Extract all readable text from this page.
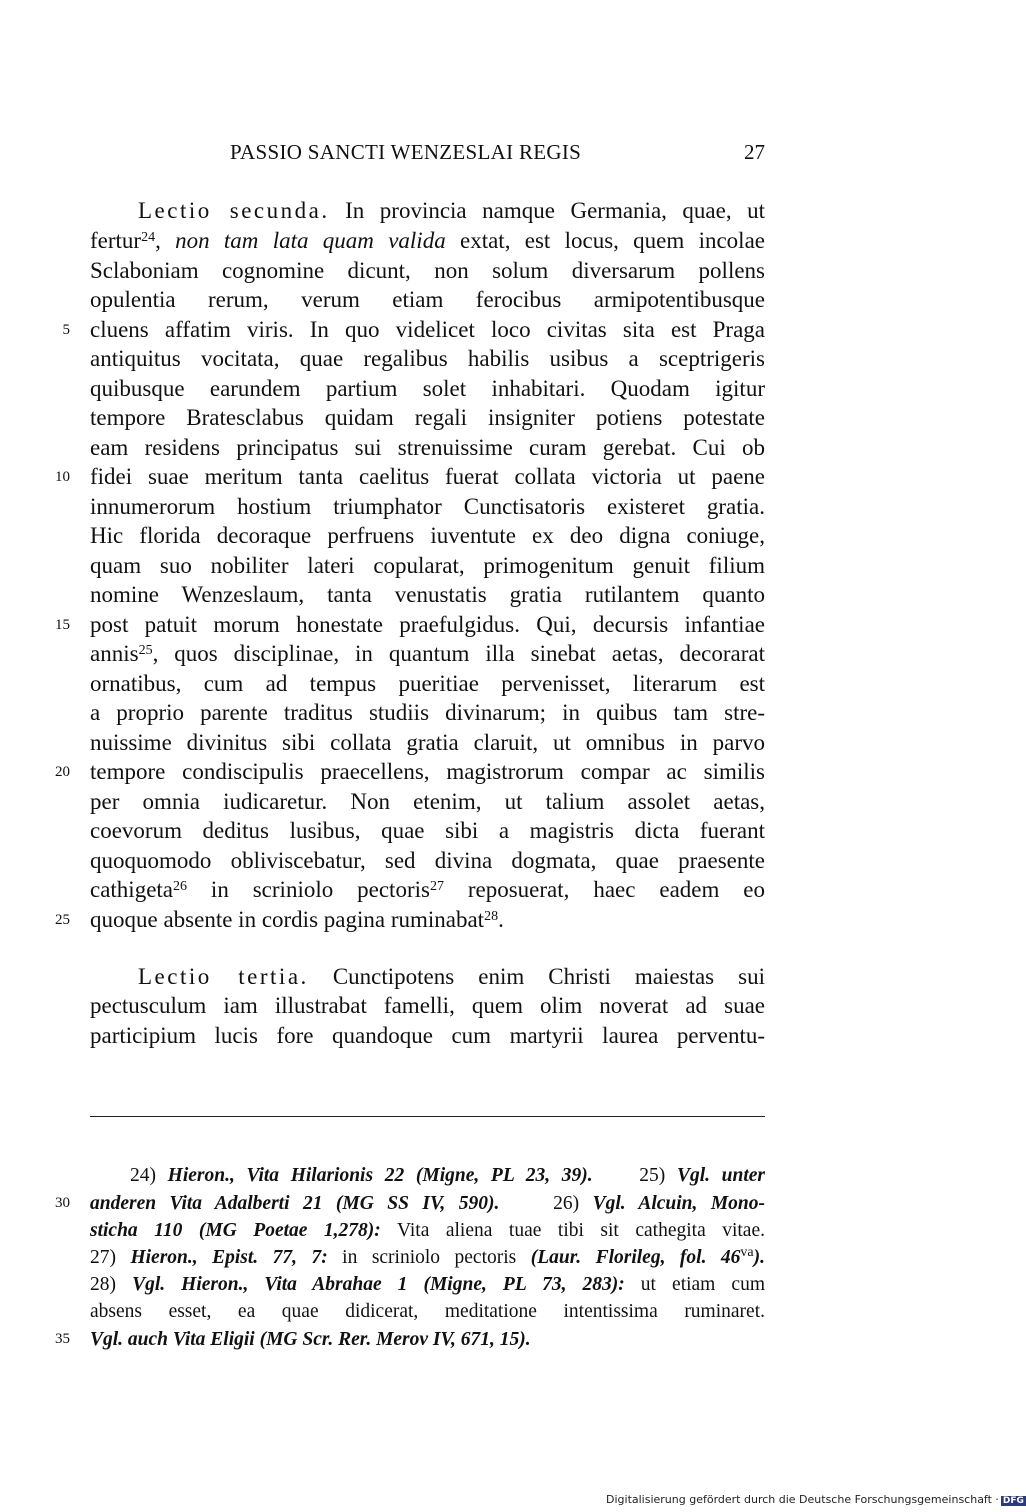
PASSIO SANCTI WENZESLAI REGIS	27
Lectio secunda. In provincia namque Germania, quae, ut
fertur$^{24}$, non tam lata quam valida extat, est locus, quem incolae
Sclaboniam cognomine dicunt, non solum diversarum pollens
opulentia rerum, verum etiam ferocibus armipotentibusque
5 cluens affatim viris. In quo videlicet loco civitas sita est Praga
antiquitus vocitata, quae regalibus habilis usibus a sceptrigeris
quibusque earundem partium solet inhabitari. Quodam igitur
tempore Bratesclabus quidam regali insigniter potiens potestate
eam residens principatus sui strenuissime curam gerebat. Cui ob
10 fidei suae meritum tanta caelitus fuerat collata victoria ut paene
innumerorum hostium triumphator Cunctisatoris existeret gratia.
Hic florida decoraque perfruens iuventute ex deo digna coniuge,
quam suo nobiliter lateri copularat, primogenitum genuit filium
nomine Wenzeslaum, tanta venustatis gratia rutilantem quanto
15 post patuit morum honestate praefulgidus. Qui, decursis infantiae
annis$^{25}$, quos disciplinae, in quantum illa sinebat aetas, decorarat
ornatibus, cum ad tempus pueritiae pervenisset, literarum est
a proprio parente traditus studiis divinarum; in quibus tam stre-
nuissime divinitus sibi collata gratia claruit, ut omnibus in parvo
20 tempore condiscipulis praecellens, magistrorum compar ac similis
per omnia iudicaretur. Non etenim, ut talium assolet aetas,
coevorum deditus lusibus, quae sibi a magistris dicta fuerant
quoquomodo obliviscebatur, sed divina dogmata, quae praesente
cathigeta$^{26}$ in scriniolo pectoris$^{27}$ reposuerat, haec eadem eo
25 quoque absente in cordis pagina ruminabat$^{28}$.
Lectio tertia. Cunctipotens enim Christi maiestas sui
pectusculum iam illustrabat famelli, quem olim noverat ad suae
participium lucis fore quandoque cum martyrii laurea perventu-
24) Hieron., Vita Hilarionis 22 (Migne, PL 23, 39). 25) Vgl. unter
30 anderen Vita Adalberti 21 (MG SS IV, 590).	26) Vgl. Alcuin, Mono-
sticha 110 (MG Poetae 1,278): Vita aliena tuae tibi sit cathegita vitae.
27) Hieron., Epist. 77, 7: in scriniolo pectoris (Laur. Florileg, fol. $46^{va}$).
28) Vgl. Hieron., Vita Abrahae 1 (Migne, PL 73, 283): ut etiam cum
absens esset, ea quae didicerat, meditatione intentissima ruminaret.
35 Vgl. auch Vita Eligii (MG Scr. Rer. Merov IV, 671, 15).
Digitalisierung gefördert durch die Deutsche Forschungsgemeinschaft · DFG
